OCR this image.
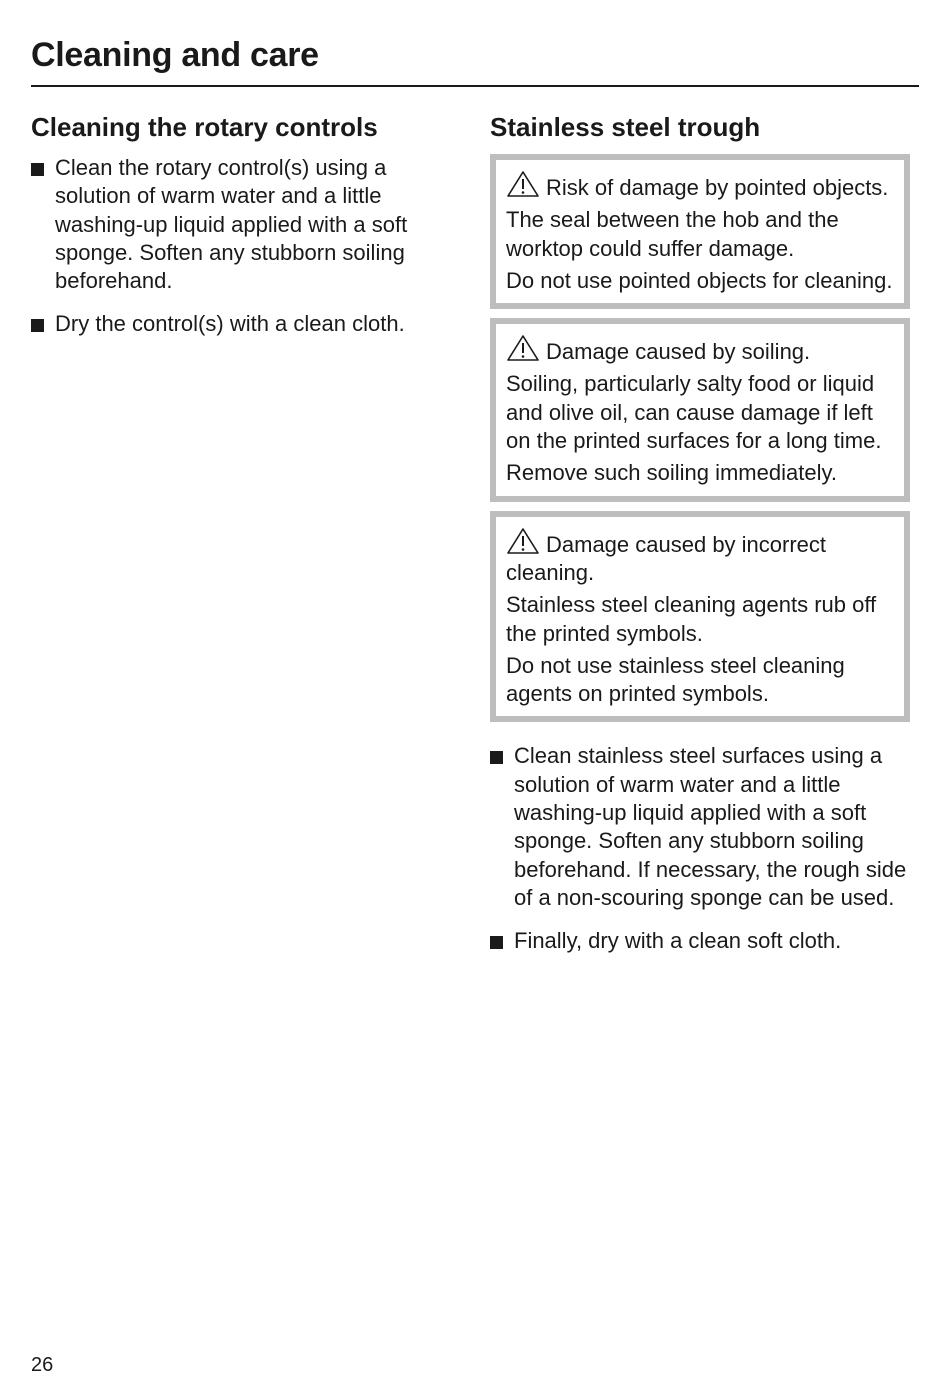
Cleaning and care
Cleaning the rotary controls
Clean the rotary control(s) using a solution of warm water and a little washing-up liquid applied with a soft sponge. Soften any stubborn soiling beforehand.
Dry the control(s) with a clean cloth.
Stainless steel trough

Risk of damage by pointed objects.

The seal between the hob and the worktop could suffer damage.

Do not use pointed objects for cleaning.

Damage caused by soiling.

Soiling, particularly salty food or liquid and olive oil, can cause damage if left on the printed surfaces for a long time.

Remove such soiling immediately.

Damage caused by incorrect cleaning.

Stainless steel cleaning agents rub off the printed symbols.

Do not use stainless steel cleaning agents on printed symbols.

Clean stainless steel surfaces using a solution of warm water and a little washing-up liquid applied with a soft sponge. Soften any stubborn soiling beforehand. If necessary, the rough side of a non-scouring sponge can be used.
Finally, dry with a clean soft cloth.
26
